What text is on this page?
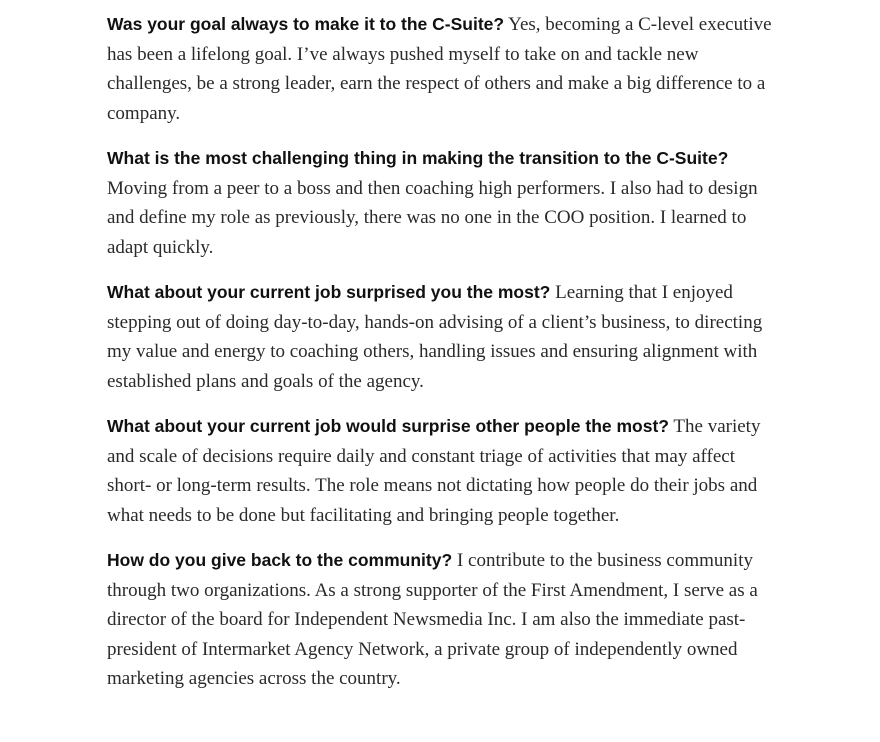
Was your goal always to make it to the C-Suite? Yes, becoming a C-level executive has been a lifelong goal. I’ve always pushed myself to take on and tackle new challenges, be a strong leader, earn the respect of others and make a big difference to a company.

What is the most challenging thing in making the transition to the C-Suite? Moving from a peer to a boss and then coaching high performers. I also had to design and define my role as previously, there was no one in the COO position. I learned to adapt quickly.

What about your current job surprised you the most? Learning that I enjoyed stepping out of doing day-to-day, hands-on advising of a client’s business, to directing my value and energy to coaching others, handling issues and ensuring alignment with established plans and goals of the agency.

What about your current job would surprise other people the most? The variety and scale of decisions require daily and constant triage of activities that may affect short- or long-term results. The role means not dictating how people do their jobs and what needs to be done but facilitating and bringing people together.

How do you give back to the community? I contribute to the business community through two organizations. As a strong supporter of the First Amendment, I serve as a director of the board for Independent Newsmedia Inc. I am also the immediate past-president of Intermarket Agency Network, a private group of independently owned marketing agencies across the country.
